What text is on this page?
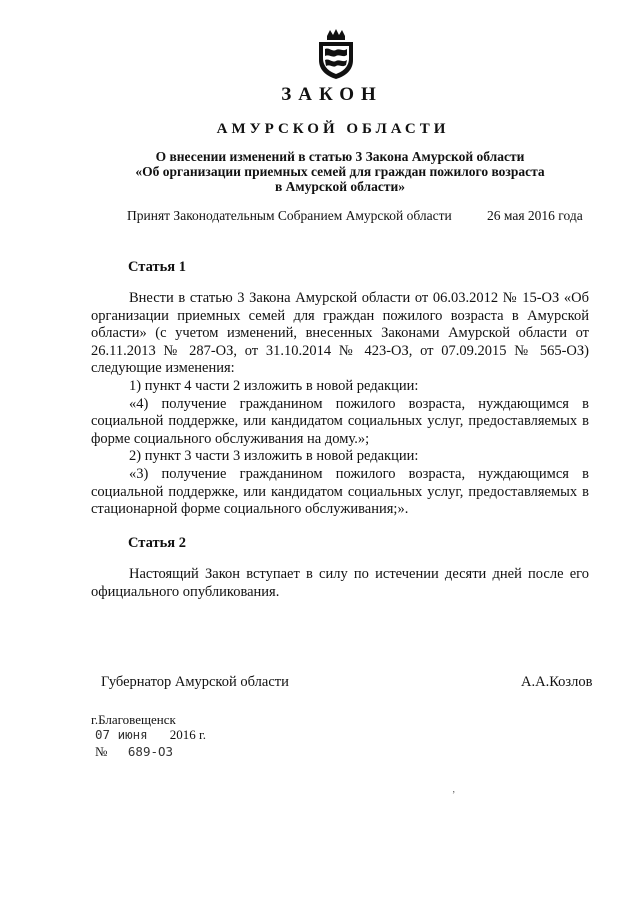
ЗАКОН
АМУРСКОЙ ОБЛАСТИ
О внесении изменений в статью 3 Закона Амурской области
«Об организации приемных семей для граждан пожилого возраста
в Амурской области»
Принят Законодательным Собранием Амурской области	26 мая 2016 года
Статья 1

Внести в статью 3 Закона Амурской области от 06.03.2012 № 15-ОЗ «Об организации приемных семей для граждан пожилого возраста в Амурской области» (с учетом изменений, внесенных Законами Амурской области от 26.11.2013 № 287-ОЗ, от 31.10.2014 № 423-ОЗ, от 07.09.2015 № 565-ОЗ) следующие изменения:

1) пункт 4 части 2 изложить в новой редакции:

«4) получение гражданином пожилого возраста, нуждающимся в социальной поддержке, или кандидатом социальных услуг, предоставляемых в форме социального обслуживания на дому.»;

2) пункт 3 части 3 изложить в новой редакции:

«3) получение гражданином пожилого возраста, нуждающимся в социальной поддержке, или кандидатом социальных услуг, предоставляемых в стационарной форме социального обслуживания;».

Статья 2

Настоящий Закон вступает в силу по истечении десяти дней после его официального опубликования.

Губернатор Амурской области	А.А.Козлов
г.Благовещенск
07 июня 2016 г.
№ 689-ОЗ
ʼ
